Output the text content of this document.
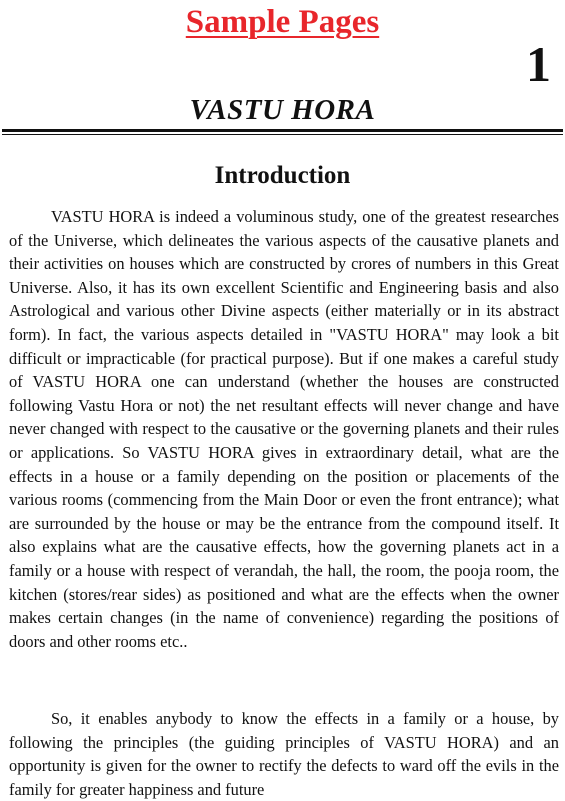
Sample Pages
1
VASTU HORA
Introduction

VASTU HORA is indeed a voluminous study, one of the greatest researches of the Universe, which delineates the various aspects of the causative planets and their activities on houses which are constructed by crores of numbers in this Great Universe. Also, it has its own excellent Scientific and Engineering basis and also Astrological and various other Divine aspects (either materially or in its abstract form). In fact, the various aspects detailed in "VASTU HORA" may look a bit difficult or impracticable (for practical purpose). But if one makes a careful study of VASTU HORA one can understand (whether the houses are constructed following Vastu Hora or not) the net resultant effects will never change and have never changed with respect to the causative or the governing planets and their rules or applications. So VASTU HORA gives in extraordinary detail, what are the effects in a house or a family depending on the position or placements of the various rooms (commencing from the Main Door or even the front entrance); what are surrounded by the house or may be the entrance from the compound itself. It also explains what are the causative effects, how the governing planets act in a family or a house with respect of verandah, the hall, the room, the pooja room, the kitchen (stores/rear sides) as positioned and what are the effects when the owner makes certain changes (in the name of convenience) regarding the positions of doors and other rooms etc..

So, it enables anybody to know the effects in a family or a house, by following the principles (the guiding principles of VASTU HORA) and an opportunity is given for the owner to rectify the defects to ward off the evils in the family for greater happiness and future
